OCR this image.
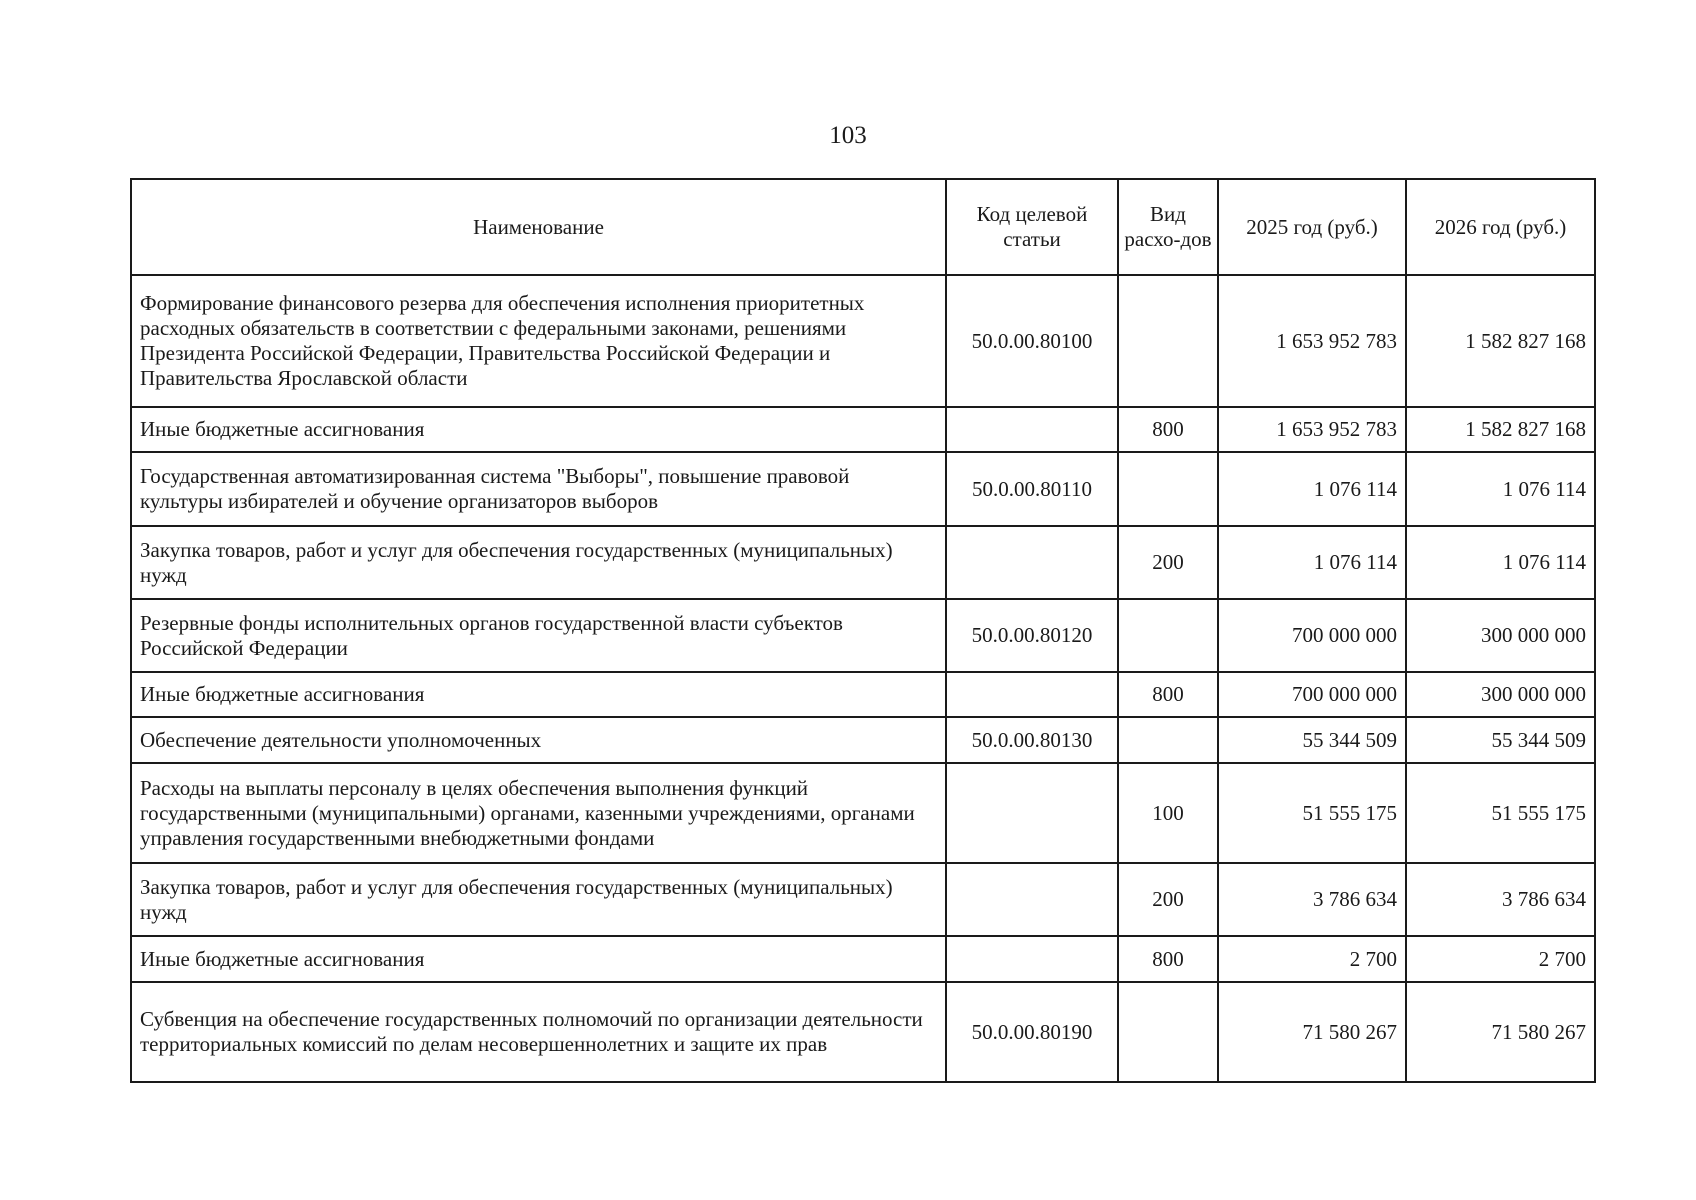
103
Наименование	Код целевой статьи	Вид расхо-дов	2025 год (руб.)	2026 год (руб.)
Формирование финансового резерва для обеспечения исполнения приоритетных расходных обязательств в соответствии с федеральными законами, решениями Президента Российской Федерации, Правительства Российской Федерации и Правительства Ярославской области	50.0.00.80100		1 653 952 783	1 582 827 168
Иные бюджетные ассигнования		800	1 653 952 783	1 582 827 168
Государственная автоматизированная система "Выборы", повышение правовой культуры избирателей и обучение организаторов выборов	50.0.00.80110		1 076 114	1 076 114
Закупка товаров, работ и услуг для обеспечения государственных (муниципальных) нужд		200	1 076 114	1 076 114
Резервные фонды исполнительных органов государственной власти субъектов Российской Федерации	50.0.00.80120		700 000 000	300 000 000
Иные бюджетные ассигнования		800	700 000 000	300 000 000
Обеспечение деятельности уполномоченных	50.0.00.80130		55 344 509	55 344 509
Расходы на выплаты персоналу в целях обеспечения выполнения функций государственными (муниципальными) органами, казенными учреждениями, органами управления государственными внебюджетными фондами		100	51 555 175	51 555 175
Закупка товаров, работ и услуг для обеспечения государственных (муниципальных) нужд		200	3 786 634	3 786 634
Иные бюджетные ассигнования		800	2 700	2 700
Субвенция на обеспечение государственных полномочий по организации деятельности территориальных комиссий по делам несовершеннолетних и защите их прав	50.0.00.80190		71 580 267	71 580 267
